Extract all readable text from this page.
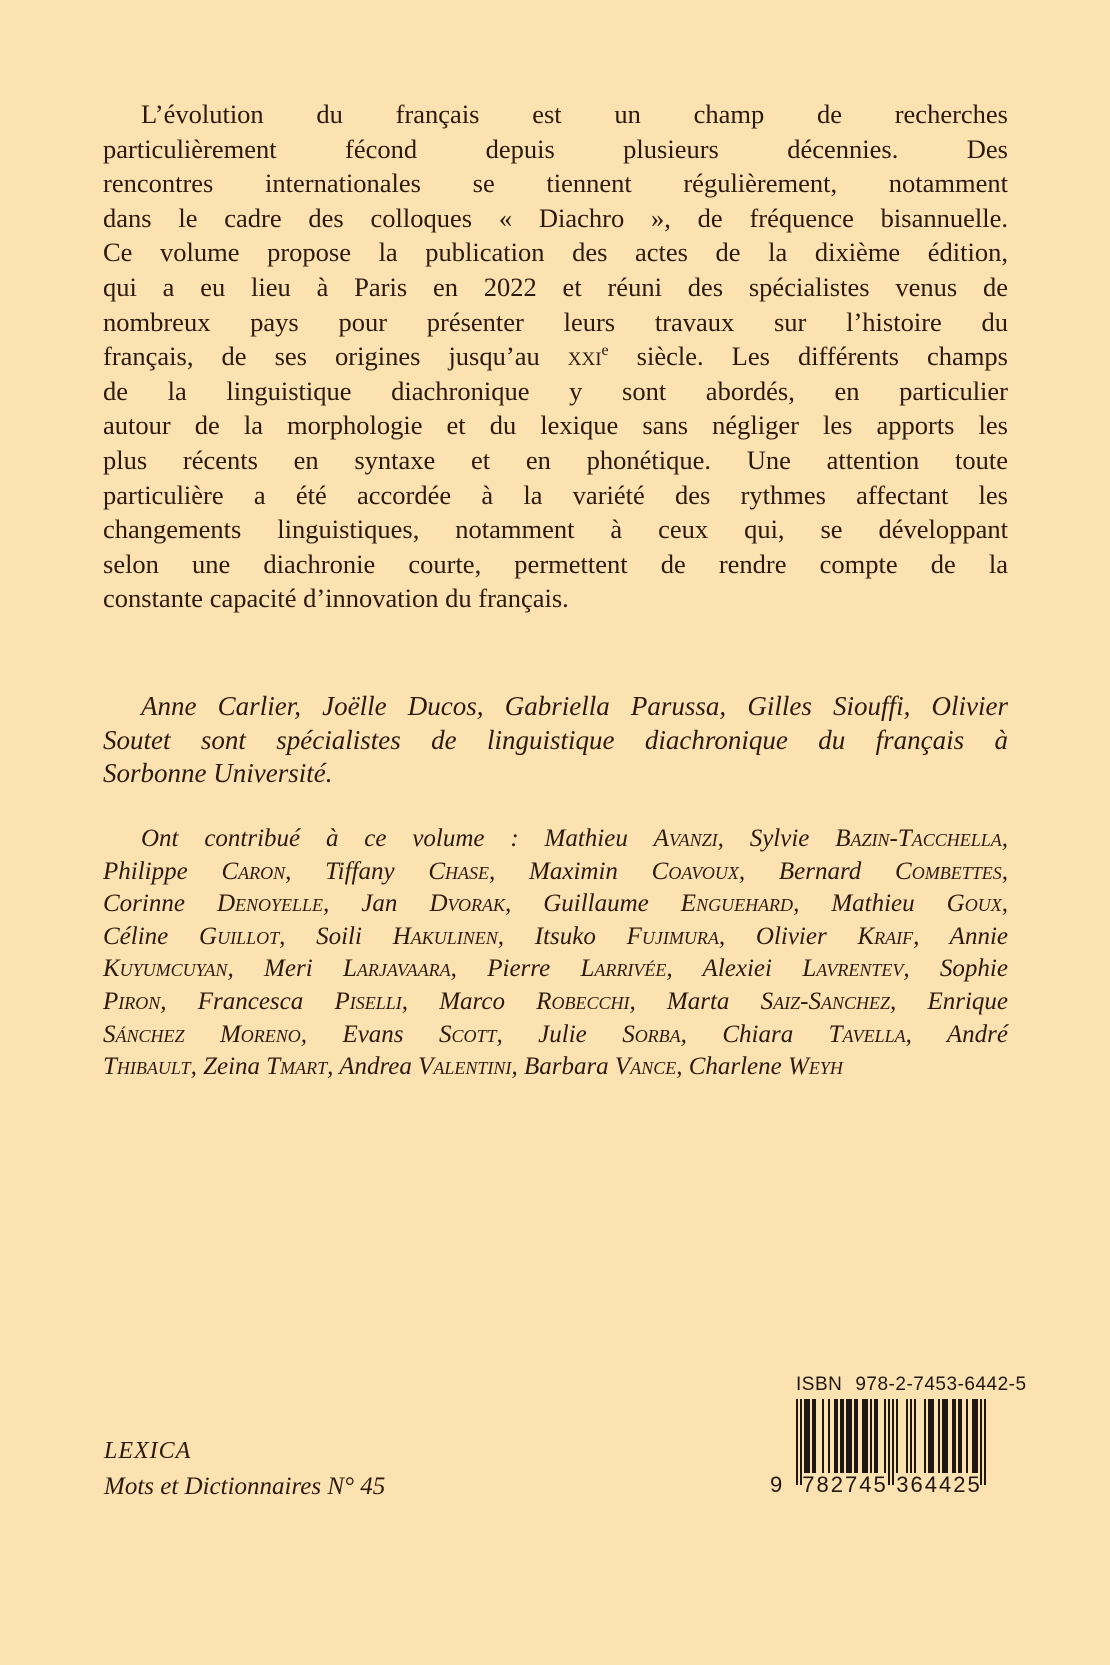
L’évolution du français est un champ de recherches
particulièrement fécond depuis plusieurs décennies. Des
rencontres internationales se tiennent régulièrement, notamment
dans le cadre des colloques « Diachro », de fréquence bisannuelle.
Ce volume propose la publication des actes de la dixième édition,
qui a eu lieu à Paris en 2022 et réuni des spécialistes venus de
nombreux pays pour présenter leurs travaux sur l’histoire du
français, de ses origines jusqu’au xxi$^e$ siècle. Les différents champs
de la linguistique diachronique y sont abordés, en particulier
autour de la morphologie et du lexique sans négliger les apports les
plus récents en syntaxe et en phonétique. Une attention toute
particulière a été accordée à la variété des rythmes affectant les
changements linguistiques, notamment à ceux qui, se développant
selon une diachronie courte, permettent de rendre compte de la
constante capacité d’innovation du français.
Anne Carlier, Joëlle Ducos, Gabriella Parussa, Gilles Siouffi, Olivier
Soutet sont spécialistes de linguistique diachronique du français à
Sorbonne Université.
Ont contribué à ce volume : Mathieu Avanzi, Sylvie Bazin-Tacchella,
Philippe Caron, Tiffany Chase, Maximin Coavoux, Bernard Combettes,
Corinne Denoyelle, Jan Dvorak, Guillaume Enguehard, Mathieu Goux,
Céline Guillot, Soili Hakulinen, Itsuko Fujimura, Olivier Kraif, Annie
Kuyumcuyan, Meri Larjavaara, Pierre Larrivée, Alexiei Lavrentev, Sophie
Piron, Francesca Piselli, Marco Robecchi, Marta Saiz-Sanchez, Enrique
Sánchez Moreno, Evans Scott, Julie Sorba, Chiara Tavella, André
Thibault, Zeina Tmart, Andrea Valentini, Barbara Vance, Charlene Weyh
LEXICA
Mots et Dictionnaires N° 45
ISBN 978-2-7453-6442-5
9 782745 364425
